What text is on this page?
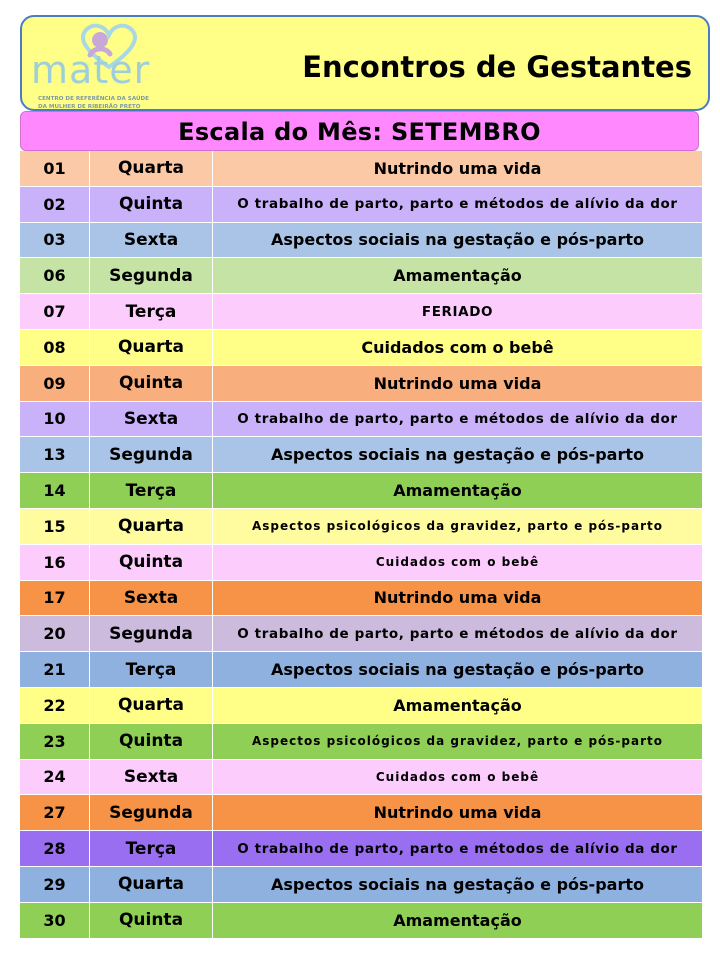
mater
CENTRO DE REFERÊNCIA DA SAÚDE
DA MULHER DE RIBEIRÃO PRETO
Encontros de Gestantes
Escala do Mês: SETEMBRO
01	Quarta	Nutrindo uma vida
02	Quinta	O trabalho de parto, parto e métodos de alívio da dor
03	Sexta	Aspectos sociais na gestação e pós-parto
06	Segunda	Amamentação
07	Terça	FERIADO
08	Quarta	Cuidados com o bebê
09	Quinta	Nutrindo uma vida
10	Sexta	O trabalho de parto, parto e métodos de alívio da dor
13	Segunda	Aspectos sociais na gestação e pós-parto
14	Terça	Amamentação
15	Quarta	Aspectos psicológicos da gravidez, parto e pós-parto
16	Quinta	Cuidados com o bebê
17	Sexta	Nutrindo uma vida
20	Segunda	O trabalho de parto, parto e métodos de alívio da dor
21	Terça	Aspectos sociais na gestação e pós-parto
22	Quarta	Amamentação
23	Quinta	Aspectos psicológicos da gravidez, parto e pós-parto
24	Sexta	Cuidados com o bebê
27	Segunda	Nutrindo uma vida
28	Terça	O trabalho de parto, parto e métodos de alívio da dor
29	Quarta	Aspectos sociais na gestação e pós-parto
30	Quinta	Amamentação
